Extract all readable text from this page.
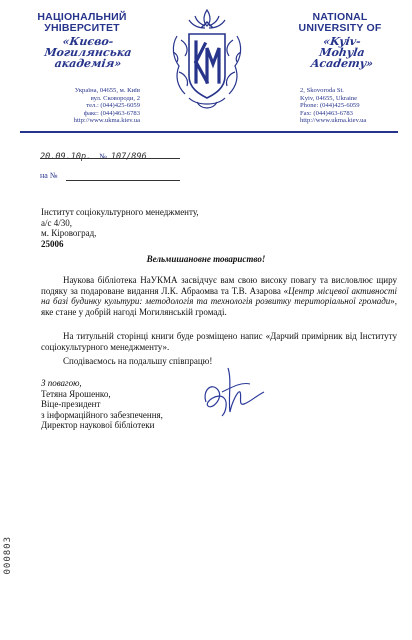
НАЦІОНАЛЬНИЙ
УНІВЕРСИТЕТ
«Києво-
Могилянська
академія»
Україна, 04655, м. Київ
вул. Сковороди, 2
тел.: (044)425-6059
факс: (044)463-6783
http://www.ukma.kiev.ua
NATIONAL
UNIVERSITY OF
«Kyiv-
Mohyla
Academy»
2, Skovoroda St.
Kyiv, 04655, Ukraine
Phone: (044)425-6059
Fax: (044)463-6783
http://www.ukma.kiev.ua
20.09.10р. № 107/896
на №
Інститут соціокультурного менеджменту,
а/с 4/30,
м. Кіровоград,
25006
Вельмишановне товариство!
Наукова бібліотека НаУКМА засвідчує вам свою високу повагу та висловлює щиру подяку за подароване видання Л.К. Абраомва та Т.В. Азарова «Центр місцевої активності на базі будинку культури: методологія та технологія розвитку територіальної громади», яке стане у добрій нагоді Могилянській громаді.
На титульній сторінці книги буде розміщено напис «Дарчий примірник від Інституту соціокультурного менеджменту».
Сподіваємось на подальшу співпрацю!
З повагою,
Тетяна Ярошенко,
Віце-президент
з інформаційного забезпечення,
Директор наукової бібліотеки
000803
